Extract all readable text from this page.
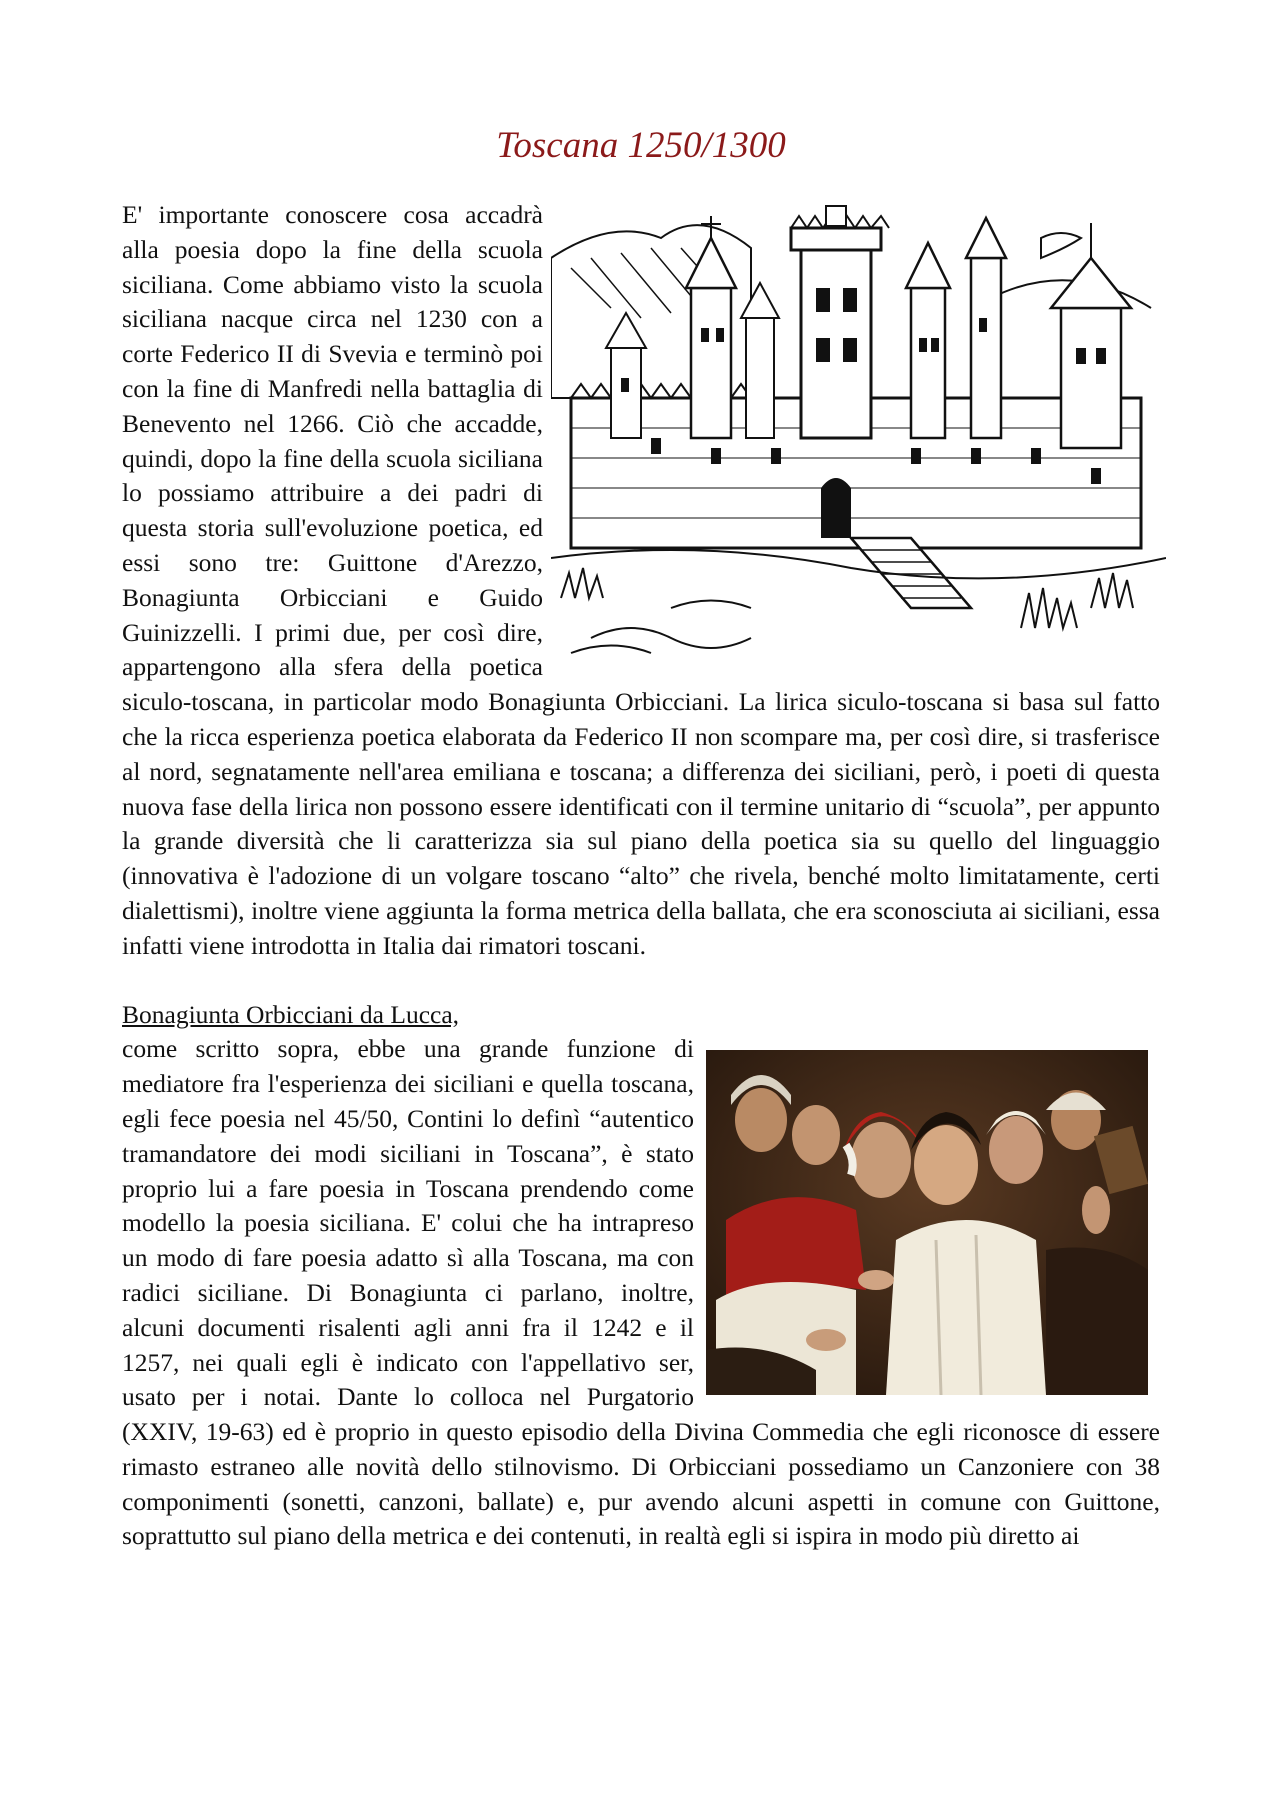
Toscana 1250/1300

E' importante conoscere cosa accadrà alla poesia dopo la fine della scuola siciliana. Come abbiamo visto la scuola siciliana nacque circa nel 1230 con a corte Federico II di Svevia e terminò poi con la fine di Manfredi nella battaglia di Benevento nel 1266. Ciò che accadde, quindi, dopo la fine della scuola siciliana lo possiamo attribuire a dei padri di questa storia sull'evoluzione poetica, ed essi sono tre: Guittone d'Arezzo, Bonagiunta Orbicciani e Guido Guinizzelli. I primi due, per così dire, appartengono alla sfera della poetica siculo-toscana, in particolar modo Bonagiunta Orbicciani. La lirica siculo-toscana si basa sul fatto che la ricca esperienza poetica elaborata da Federico II non scompare ma, per così dire, si trasferisce al nord, segnatamente nell'area emiliana e toscana; a differenza dei siciliani, però, i poeti di questa nuova fase della lirica non possono essere identificati con il termine unitario di “scuola”, per appunto la grande diversità che li caratterizza sia sul piano della poetica sia su quello del linguaggio (innovativa è l'adozione di un volgare toscano “alto” che rivela, benché molto limitatamente, certi dialettismi), inoltre viene aggiunta la forma metrica della ballata, che era sconosciuta ai siciliani, essa infatti viene introdotta in Italia dai rimatori toscani.

Bonagiunta Orbicciani da Lucca,

come scritto sopra, ebbe una grande funzione di mediatore fra l'esperienza dei siciliani e quella toscana, egli fece poesia nel 45/50, Contini lo definì “autentico tramandatore dei modi siciliani in Toscana”, è stato proprio lui a fare poesia in Toscana prendendo come modello la poesia siciliana. E' colui che ha intrapreso un modo di fare poesia adatto sì alla Toscana, ma con radici siciliane. Di Bonagiunta ci parlano, inoltre, alcuni documenti risalenti agli anni fra il 1242 e il 1257, nei quali egli è indicato con l'appellativo ser, usato per i notai. Dante lo colloca nel Purgatorio (XXIV, 19-63) ed è proprio in questo episodio della Divina Commedia che egli riconosce di essere rimasto estraneo alle novità dello stilnovismo. Di Orbicciani possediamo un Canzoniere con 38 componimenti (sonetti, canzoni, ballate) e, pur avendo alcuni aspetti in comune con Guittone, soprattutto sul piano della metrica e dei contenuti, in realtà egli si ispira in modo più diretto ai
